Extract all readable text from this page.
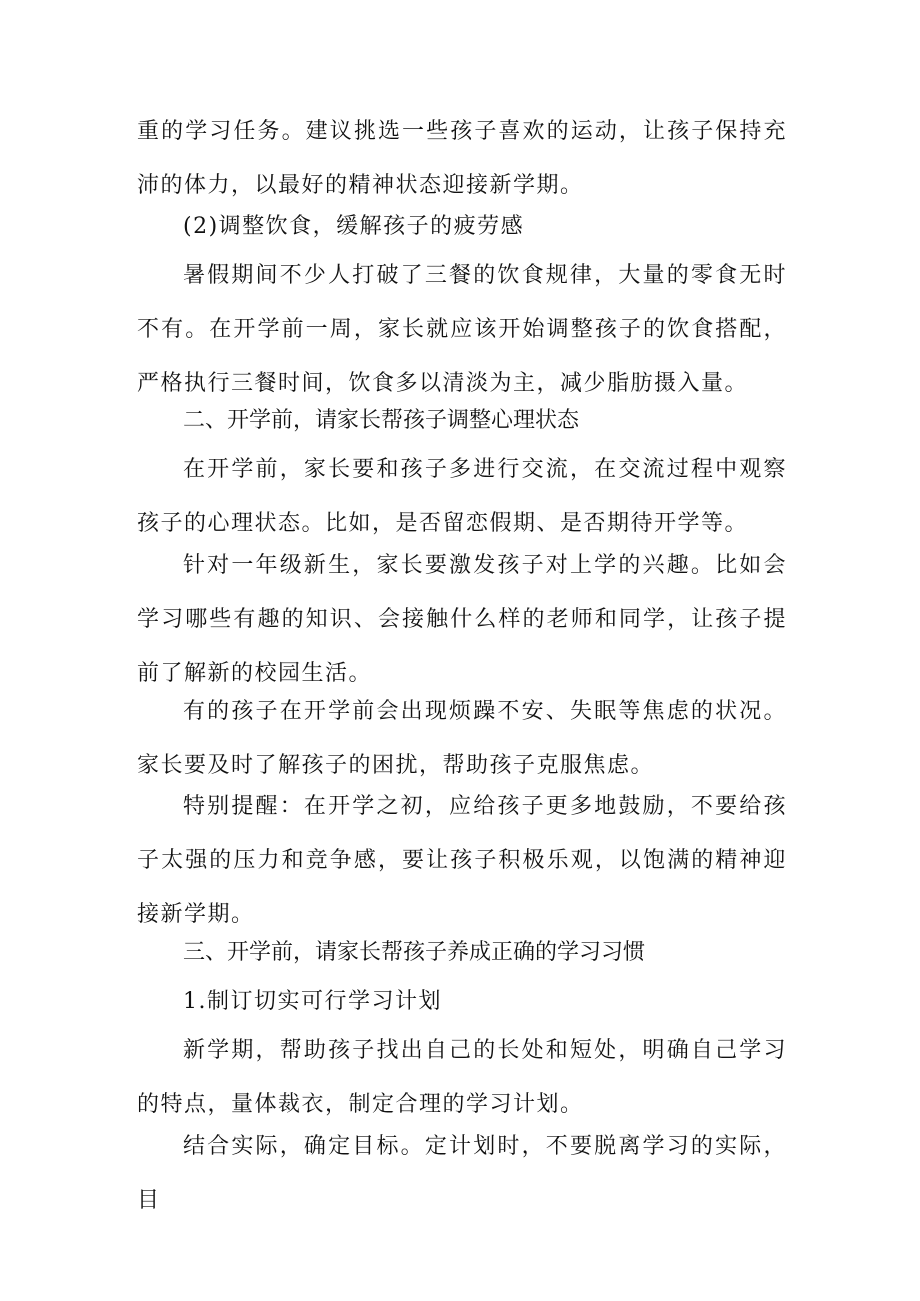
重的学习任务。建议挑选一些孩子喜欢的运动，让孩子保持充沛的体力，以最好的精神状态迎接新学期。

(2)调整饮食，缓解孩子的疲劳感

暑假期间不少人打破了三餐的饮食规律，大量的零食无时不有。在开学前一周，家长就应该开始调整孩子的饮食搭配，严格执行三餐时间，饮食多以清淡为主，减少脂肪摄入量。

二、开学前，请家长帮孩子调整心理状态

在开学前，家长要和孩子多进行交流，在交流过程中观察孩子的心理状态。比如，是否留恋假期、是否期待开学等。

针对一年级新生，家长要激发孩子对上学的兴趣。比如会学习哪些有趣的知识、会接触什么样的老师和同学，让孩子提前了解新的校园生活。

有的孩子在开学前会出现烦躁不安、失眠等焦虑的状况。家长要及时了解孩子的困扰，帮助孩子克服焦虑。

特别提醒：在开学之初，应给孩子更多地鼓励，不要给孩子太强的压力和竞争感，要让孩子积极乐观，以饱满的精神迎接新学期。

三、开学前，请家长帮孩子养成正确的学习习惯

1.制订切实可行学习计划

新学期，帮助孩子找出自己的长处和短处，明确自己学习的特点，量体裁衣，制定合理的学习计划。

结合实际，确定目标。定计划时，不要脱离学习的实际，目
